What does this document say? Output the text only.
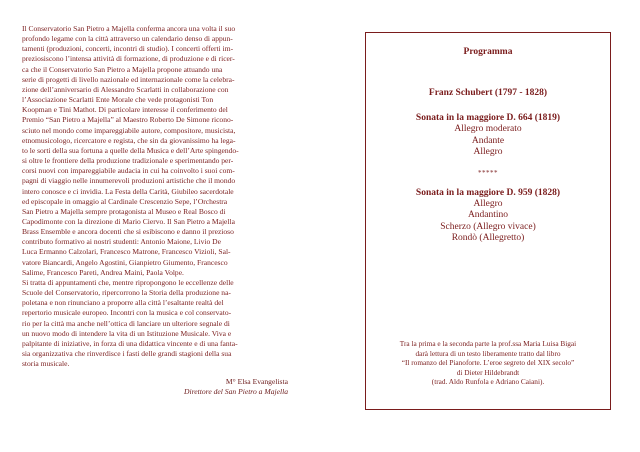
Il Conservatorio San Pietro a Majella conferma ancora una volta il suo
profondo legame con la città attraverso un calendario denso di appun-
tamenti (produzioni, concerti, incontri di studio). I concerti offerti im-
preziosiscono l’intensa attività di formazione, di produzione e di ricer-
ca che il Conservatorio San Pietro a Majella propone attuando una
serie di progetti di livello nazionale ed internazionale come la celebra-
zione dell’anniversario di Alessandro Scarlatti in collaborazione con
l’Associazione Scarlatti Ente Morale che vede protagonisti Ton
Koopman e Tini Mathot. Di particolare interesse il conferimento del
Premio “San Pietro a Majella” al Maestro Roberto De Simone ricono-
sciuto nel mondo come impareggiabile autore, compositore, musicista,
etnomusicologo, ricercatore e regista, che sin da giovanissimo ha lega-
to le sorti della sua fortuna a quelle della Musica e dell’Arte spingendo-
si oltre le frontiere della produzione tradizionale e sperimentando per-
corsi nuovi con impareggiabile audacia in cui ha coinvolto i suoi com-
pagni di viaggio nelle innumerevoli produzioni artistiche che il mondo
intero conosce e ci invidia. La Festa della Carità, Giubileo sacerdotale
ed episcopale in omaggio al Cardinale Crescenzio Sepe, l’Orchestra
San Pietro a Majella sempre protagonista al Museo e Real Bosco di
Capodimonte con la direzione di Mario Ciervo. Il San Pietro a Majella
Brass Ensemble e ancora docenti che si esibiscono e danno il prezioso
contributo formativo ai nostri studenti: Antonio Maione, Livio De
Luca Ermanno Calzolari, Francesco Matrone, Francesco Vizioli, Sal-
vatore Biancardi, Angelo Agostini, Gianpietro Giumento, Francesco
Salime, Francesco Pareti, Andrea Maini, Paola Volpe.
Si tratta di appuntamenti che, mentre ripropongono le eccellenze delle
Scuole del Conservatorio, ripercorrono la Storia della produzione na-
poletana e non rinunciano a proporre alla città l’esaltante realtà del
repertorio musicale europeo. Incontri con la musica e col conservato-
rio per la città ma anche nell’ottica di lanciare un ulteriore segnale di
un nuovo modo di intendere la vita di un Istituzione Musicale. Viva e
palpitante di iniziative, in forza di una didattica vincente e di una fanta-
sia organizzativa che rinverdisce i fasti delle grandi stagioni della sua
storia musicale.
M° Elsa Evangelista
Direttore del San Pietro a Majella
Programma
Franz Schubert (1797 - 1828)
Sonata in la maggiore D. 664 (1819)
Allegro moderato
Andante
Allegro
*****
Sonata in la maggiore D. 959 (1828)
Allegro
Andantino
Scherzo (Allegro vivace)
Rondò (Allegretto)
Tra la prima e la seconda parte la prof.ssa Maria Luisa Bigai
darà lettura di un testo liberamente tratto dal libro
“Il romanzo del Pianoforte. L’eroe segreto del XIX secolo”
di Dieter Hildebrandt
(trad. Aldo Runfola e Adriano Caiani).
